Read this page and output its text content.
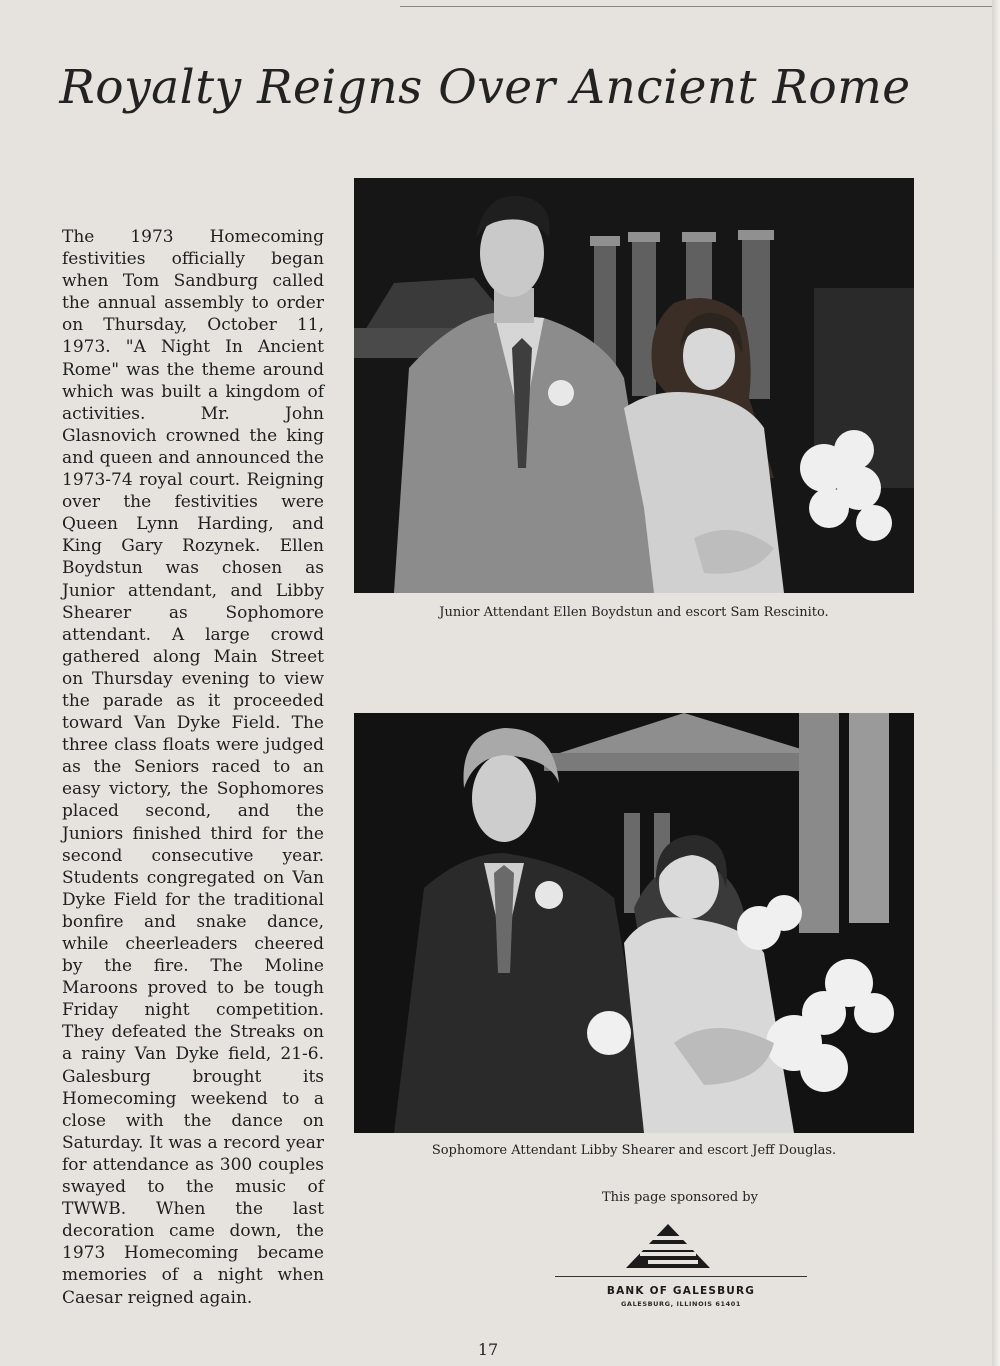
Royalty Reigns Over Ancient Rome

The 1973 Homecoming festivities officially began when Tom Sandburg called the annual assembly to order on Thursday, October 11, 1973. "A Night In Ancient Rome" was the theme around which was built a kingdom of activities. Mr. John Glasnovich crowned the king and queen and announced the 1973-74 royal court. Reigning over the festivities were Queen Lynn Harding, and King Gary Rozynek. Ellen Boydstun was chosen as Junior attendant, and Libby Shearer as Sophomore attendant. A large crowd gathered along Main Street on Thursday evening to view the parade as it proceeded toward Van Dyke Field. The three class floats were judged as the Seniors raced to an easy victory, the Sophomores placed second, and the Juniors finished third for the second consecutive year. Students congregated on Van Dyke Field for the traditional bonfire and snake dance, while cheerleaders cheered by the fire. The Moline Maroons proved to be tough Friday night competition. They defeated the Streaks on a rainy Van Dyke field, 21-6. Galesburg brought its Homecoming weekend to a close with the dance on Saturday. It was a record year for attendance as 300 couples swayed to the music of TWWB. When the last decoration came down, the 1973 Homecoming became memories of a night when Caesar reigned again.

Junior Attendant Ellen Boydstun and escort Sam Rescinito.

Sophomore Attendant Libby Shearer and escort Jeff Douglas.

This page sponsored by
BANK OF GALESBURG
GALESBURG, ILLINOIS 61401
17
